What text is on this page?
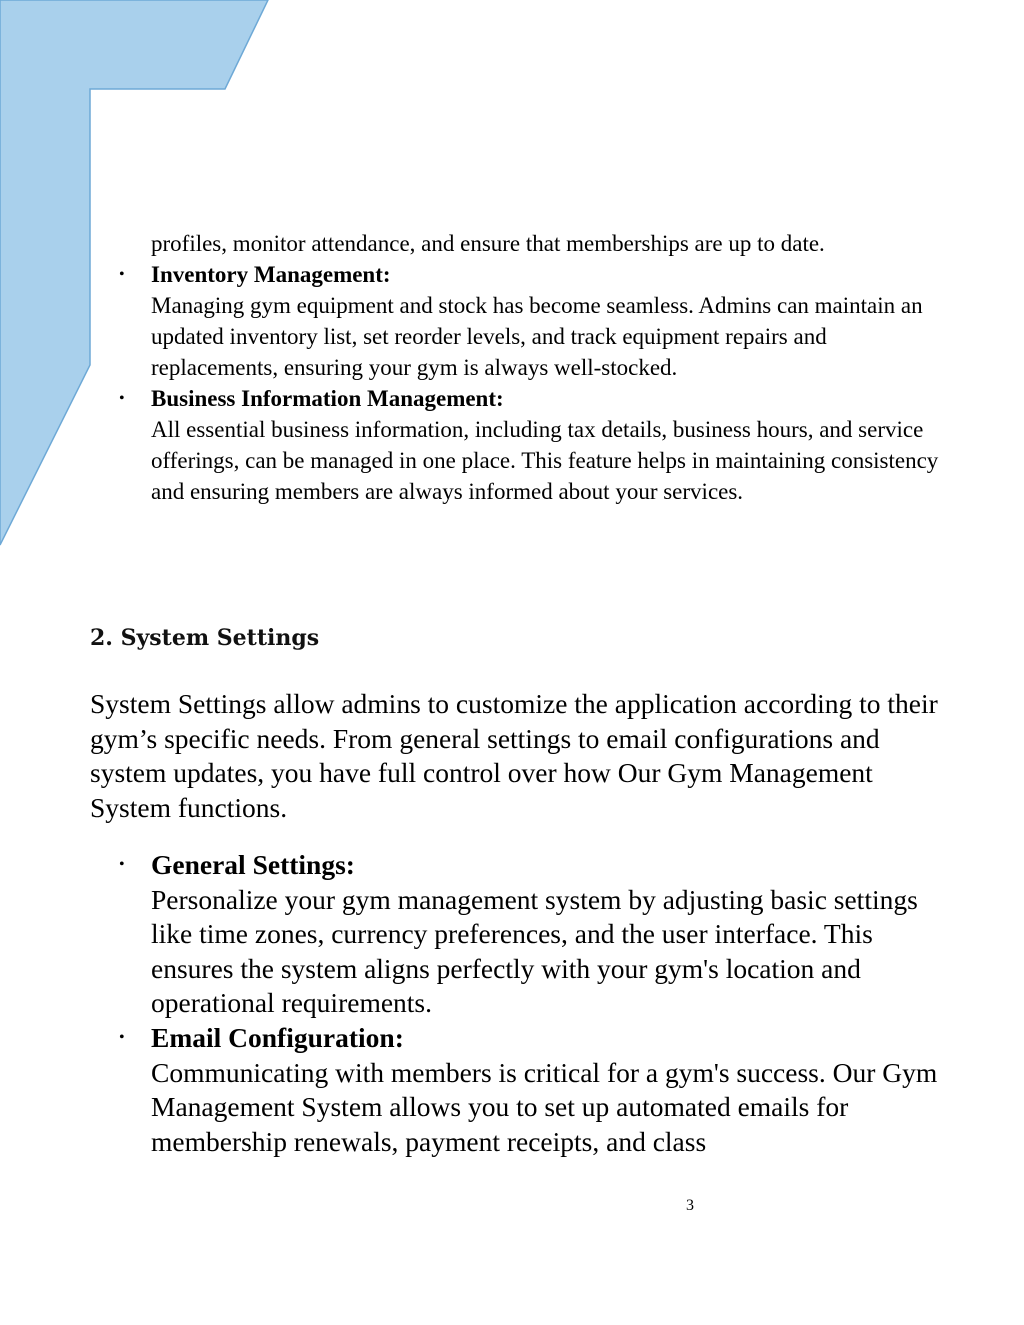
profiles, monitor attendance, and ensure that memberships are up to date.
• Inventory Management:
Managing gym equipment and stock has become seamless. Admins can maintain an updated inventory list, set reorder levels, and track equipment repairs and replacements, ensuring your gym is always well-stocked.
• Business Information Management:
All essential business information, including tax details, business hours, and service offerings, can be managed in one place. This feature helps in maintaining consistency and ensuring members are always informed about your services.
2. System Settings

System Settings allow admins to customize the application according to their gym’s specific needs. From general settings to email configurations and system updates, you have full control over how Our Gym Management System functions.

• General Settings:
Personalize your gym management system by adjusting basic settings like time zones, currency preferences, and the user interface. This ensures the system aligns perfectly with your gym's location and operational requirements.
• Email Configuration:
Communicating with members is critical for a gym's success. Our Gym Management System allows you to set up automated emails for membership renewals, payment receipts, and class
3
